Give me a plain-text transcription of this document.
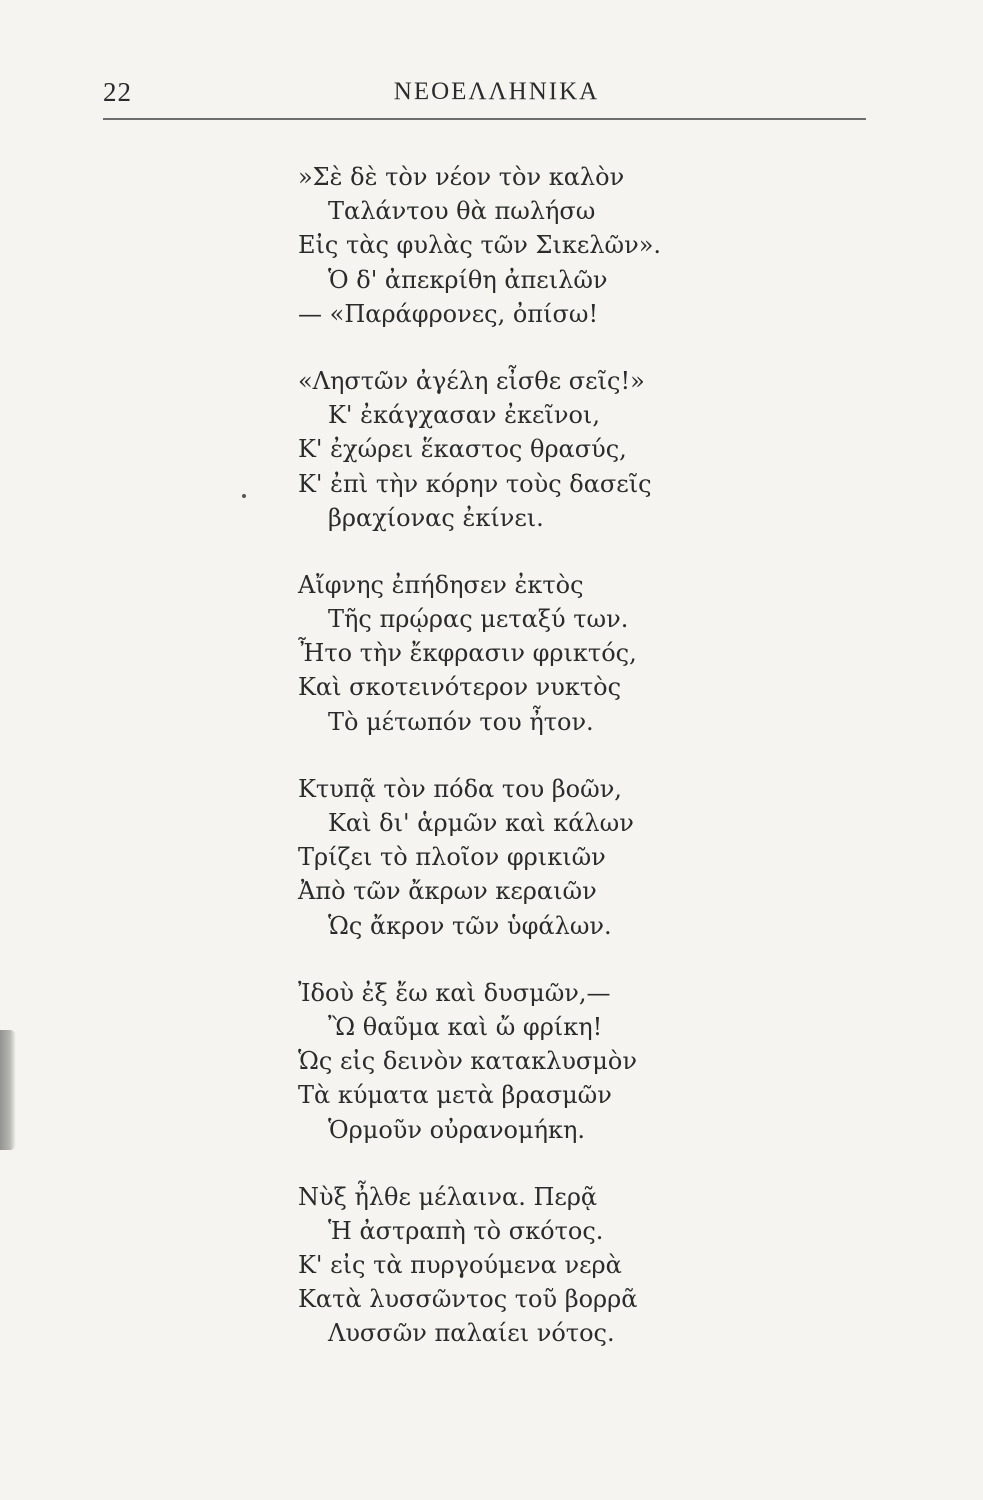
22	ΝΕΟΕΛΛΗΝΙΚΑ
»Σὲ δὲ τὸν νέον τὸν καλὸν
Ταλάντου θὰ πωλήσω
Εἰς τὰς φυλὰς τῶν Σικελῶν».
Ὁ δ' ἀπεκρίθη ἀπειλῶν
— «Παράφρονες, ὀπίσω!
«Ληστῶν ἀγέλη εἶσθε σεῖς!»
Κ' ἐκάγχασαν ἐκεῖνοι,
Κ' ἐχώρει ἕκαστος θρασύς,
Κ' ἐπὶ τὴν κόρην τοὺς δασεῖς
βραχίονας ἐκίνει.
Αἴφνης ἐπήδησεν ἐκτὸς
Τῆς πρῴρας μεταξύ των.
Ἦτο τὴν ἔκφρασιν φρικτός,
Καὶ σκοτεινότερον νυκτὸς
Τὸ μέτωπόν του ἦτον.
Κτυπᾷ τὸν πόδα του βοῶν,
Καὶ δι' ἁρμῶν καὶ κάλων
Τρίζει τὸ πλοῖον φρικιῶν
Ἀπὸ τῶν ἄκρων κεραιῶν
Ὡς ἄκρον τῶν ὑφάλων.
Ἰδοὺ ἐξ ἔω καὶ δυσμῶν,—
Ὢ θαῦμα καὶ ὤ φρίκη!
Ὡς εἰς δεινὸν κατακλυσμὸν
Τὰ κύματα μετὰ βρασμῶν
Ὁρμοῦν οὐρανομήκη.
Νὺξ ἦλθε μέλαινα. Περᾷ
Ἡ ἀστραπὴ τὸ σκότος.
Κ' εἰς τὰ πυργούμενα νερὰ
Κατὰ λυσσῶντος τοῦ βορρᾶ
Λυσσῶν παλαίει νότος.
